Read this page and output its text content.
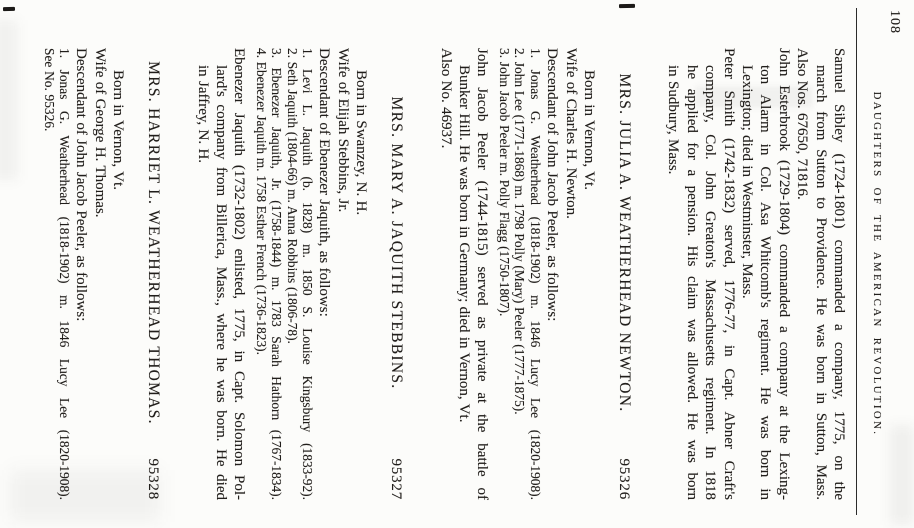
108
DAUGHTERS OF THE AMERICAN REVOLUTION.
Samuel Sibley (1724-1801) commanded a company, 1775, on the
march from Sutton to Providence. He was born in Sutton, Mass.
Also Nos. 67650, 71816.
John Esterbrook (1729-1804) commanded a company at the Lexing-
ton Alarm in Col. Asa Whitcomb's regiment. He was born in
Lexington; died in Westminster, Mass.
Peter Smith (1742-1832) served, 1776-77, in Capt. Abner Craft's
company, Col. John Greaton's Massachusetts regiment. In 1818
he applied for a pension. His claim was allowed. He was born
in Sudbury, Mass.
MRS. JULIA A. WEATHERHEAD NEWTON.
95326
Born in Vernon, Vt.
Wife of Charles H. Newton.
Descendant of John Jacob Peeler, as follows:
1. Jonas G. Weatherhead (1818-1902) m. 1846 Lucy Lee (1820-1908).
2. John Lee (1771-1868) m. 1798 Polly (Mary) Peeler (1777-1875).
3. John Jacob Peeler m. Polly Flagg (1750-1807).
John Jacob Peeler (1744-1815) served as private at the battle of
Bunker Hill. He was born in Germany; died in Vernon, Vt.
Also No. 46937.
MRS. MARY A. JAQUITH STEBBINS.
95327
Born in Swanzey, N. H.
Wife of Elijah Stebbins, Jr.
Descendant of Ebenezer Jaquith, as follows:
1. Levi L. Jaquith (b. 1828) m. 1850 S. Louise Kingsbury (1833-92).
2. Seth Jaquith (1804-66) m. Anna Robbins (1806-78).
3. Ebenezer Jaquith, Jr. (1758-1844) m. 1783 Sarah Hathorn (1767-1834).
4. Ebenezer Jaquith m. 1758 Esther French (1736-1823).
Ebenezer Jaquith (1732-1802) enlisted, 1775, in Capt. Solomon Pol-
lard's company from Billerica, Mass., where he was born. He died
in Jaffrey, N. H.
MRS. HARRIET L. WEATHERHEAD THOMAS.
95328
Born in Vernon, Vt.
Wife of George H. Thomas.
Descendant of John Jacob Peeler, as follows:
1. Jonas G. Weatherhead (1818-1902) m. 1846 Lucy Lee (1820-1908).
See No. 95326.
